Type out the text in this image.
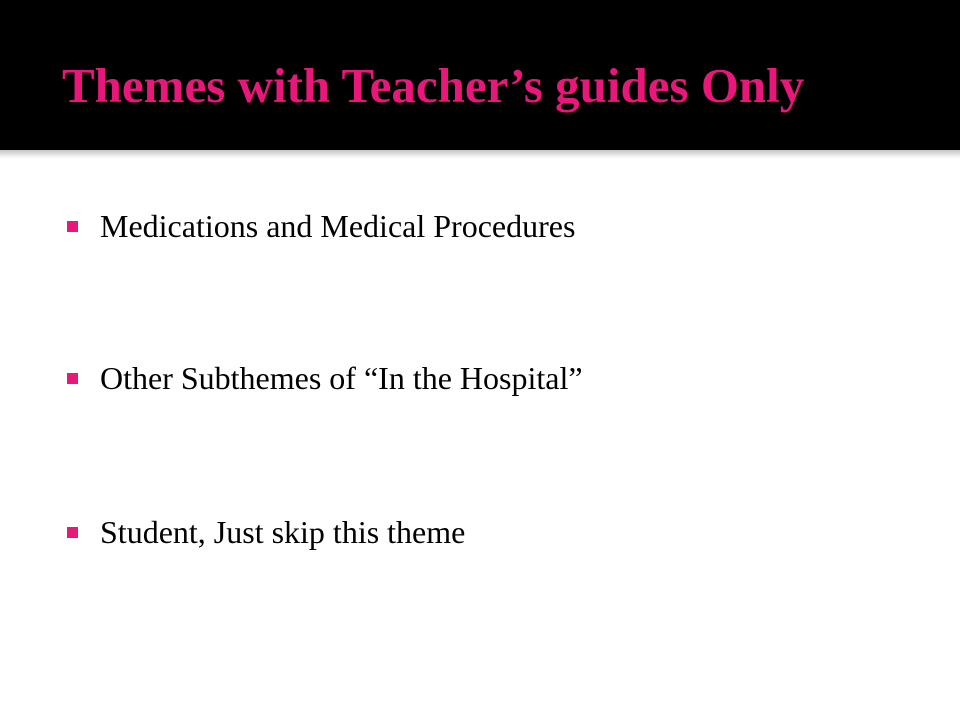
Themes with Teacher’s guides Only
Medications and Medical Procedures
Other Subthemes of “In the Hospital”
Student, Just skip this theme
